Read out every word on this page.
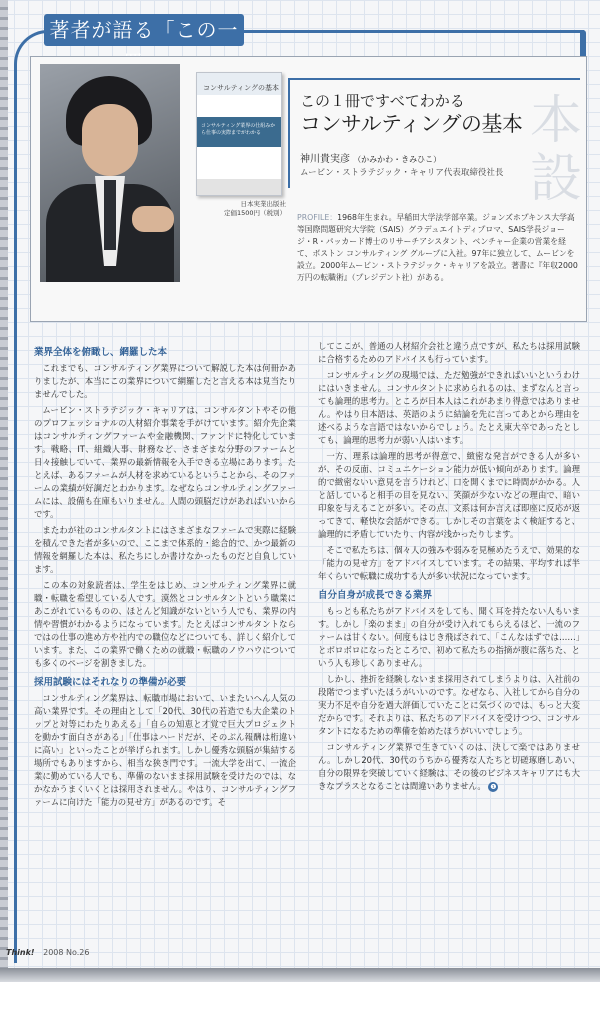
著者が語る「この一
コンサルティングの基本
コンサルティング業界の仕組みから仕事の実際までがわかる
日本実業出版社
定価1500円（税別）
本
設
この１冊ですべてわかる
コンサルティングの基本
神川貴実彦 （かみかわ・きみひこ）
ムービン・ストラテジック・キャリア代表取締役社長
PROFILE：1968年生まれ。早稲田大学法学部卒業。ジョンズホプキンス大学高等国際問題研究大学院（SAIS）グラデュエイトディプロマ、SAIS学長ジョージ・R・パッカード博士のリサーチアシスタント、ベンチャー企業の営業を経て、ボストン コンサルティング グループに入社。97年に独立して、ムービンを設立。2000年ムービン・ストラテジック・キャリアを設立。著書に『年収2000万円の転職術』（プレジデント社）がある。
業界全体を俯瞰し、網羅した本

これまでも、コンサルティング業界について解説した本は何冊かありましたが、本当にこの業界について網羅したと言える本は見当たりませんでした。

ムービン・ストラテジック・キャリアは、コンサルタントやその他のプロフェッショナルの人材紹介事業を手がけています。紹介先企業はコンサルティングファームや金融機関、ファンドに特化しています。戦略、IT、組織人事、財務など、さまざまな分野のファームと日々接触していて、業界の最新情報を入手できる立場にあります。たとえば、あるファームが人材を求めているということから、そのファームの業績が好調だとわかります。なぜならコンサルティングファームには、設備も在庫もいりません。人間の頭脳だけがあればいいからです。

またわが社のコンサルタントにはさまざまなファームで実際に経験を積んできた者が多いので、ここまで体系的・総合的で、かつ最新の情報を網羅した本は、私たちにしか書けなかったものだと自負しています。

この本の対象読者は、学生をはじめ、コンサルティング業界に就職・転職を希望している人です。漠然とコンサルタントという職業にあこがれているものの、ほとんど知識がないという人でも、業界の内情や習慣がわかるようになっています。たとえばコンサルタントならではの仕事の進め方や社内での職位などについても、詳しく紹介しています。また、この業界で働くための就職・転職のノウハウについても多くのページを割きました。

採用試験にはそれなりの準備が必要

コンサルティング業界は、転職市場において、いまたいへん人気の高い業界です。その理由として「20代、30代の若造でも大企業のトップと対等にわたりあえる」「自らの知恵と才覚で巨大プロジェクトを動かす面白さがある」「仕事はハードだが、そのぶん報酬は桁違いに高い」といったことが挙げられます。しかし優秀な頭脳が集結する場所でもありますから、相当な狭き門です。一流大学を出て、一流企業に勤めている人でも、準備のないまま採用試験を受けたのでは、なかなかうまくいくとは採用されません。やはり、コンサルティングファームに向けた「能力の見せ方」があるのです。そ

してここが、普通の人材紹介会社と違う点ですが、私たちは採用試験に合格するためのアドバイスも行っています。

コンサルティングの現場では、ただ勉強ができればいいというわけにはいきません。コンサルタントに求められるのは、まずなんと言っても論理的思考力。ところが日本人はこれがあまり得意ではありません。やはり日本語は、英語のように結論を先に言ってあとから理由を述べるような言語ではないからでしょう。たとえ東大卒であったとしても、論理的思考力が弱い人はいます。

一方、理系は論理的思考が得意で、緻密な発言ができる人が多いが、その反面、コミュニケーション能力が低い傾向があります。論理的で緻密ないい意見を言うけれど、口を開くまでに時間がかかる。人と話していると相手の目を見ない、笑顔が少ないなどの理由で、暗い印象を与えることが多い。その点、文系は何か言えば即座に反応が返ってきて、軽快な会話ができる。しかしその言葉をよく検証すると、論理的に矛盾していたり、内容が浅かったりします。

そこで私たちは、個々人の強みや弱みを見極めたうえで、効果的な「能力の見せ方」をアドバイスしています。その結果、平均すれば半年くらいで転職に成功する人が多い状況になっています。

自分自身が成長できる業界

もっとも私たちがアドバイスをしても、聞く耳を持たない人もいます。しかし「楽のまま」の自分が受け入れてもらえるほど、一流のファームは甘くない。何度もはじき飛ばされて、「こんなはずでは……」とボロボロになったところで、初めて私たちの指摘が腹に落ちた、という人も珍しくありません。

しかし、挫折を経験しないまま採用されてしまうよりは、入社前の段階でつまずいたほうがいいのです。なぜなら、入社してから自分の実力不足や自分を過大評価していたことに気づくのでは、もっと大変だからです。それよりは、私たちのアドバイスを受けつつ、コンサルタントになるための準備を始めたほうがいいでしょう。

コンサルティング業界で生きていくのは、決して楽ではありません。しかし20代、30代のうちから優秀な人たちと切磋琢磨しあい、自分の限界を突破していく経験は、その後のビジネスキャリアにも大きなプラスとなることは間違いありません。 ❶

Think! 2008 No.26
